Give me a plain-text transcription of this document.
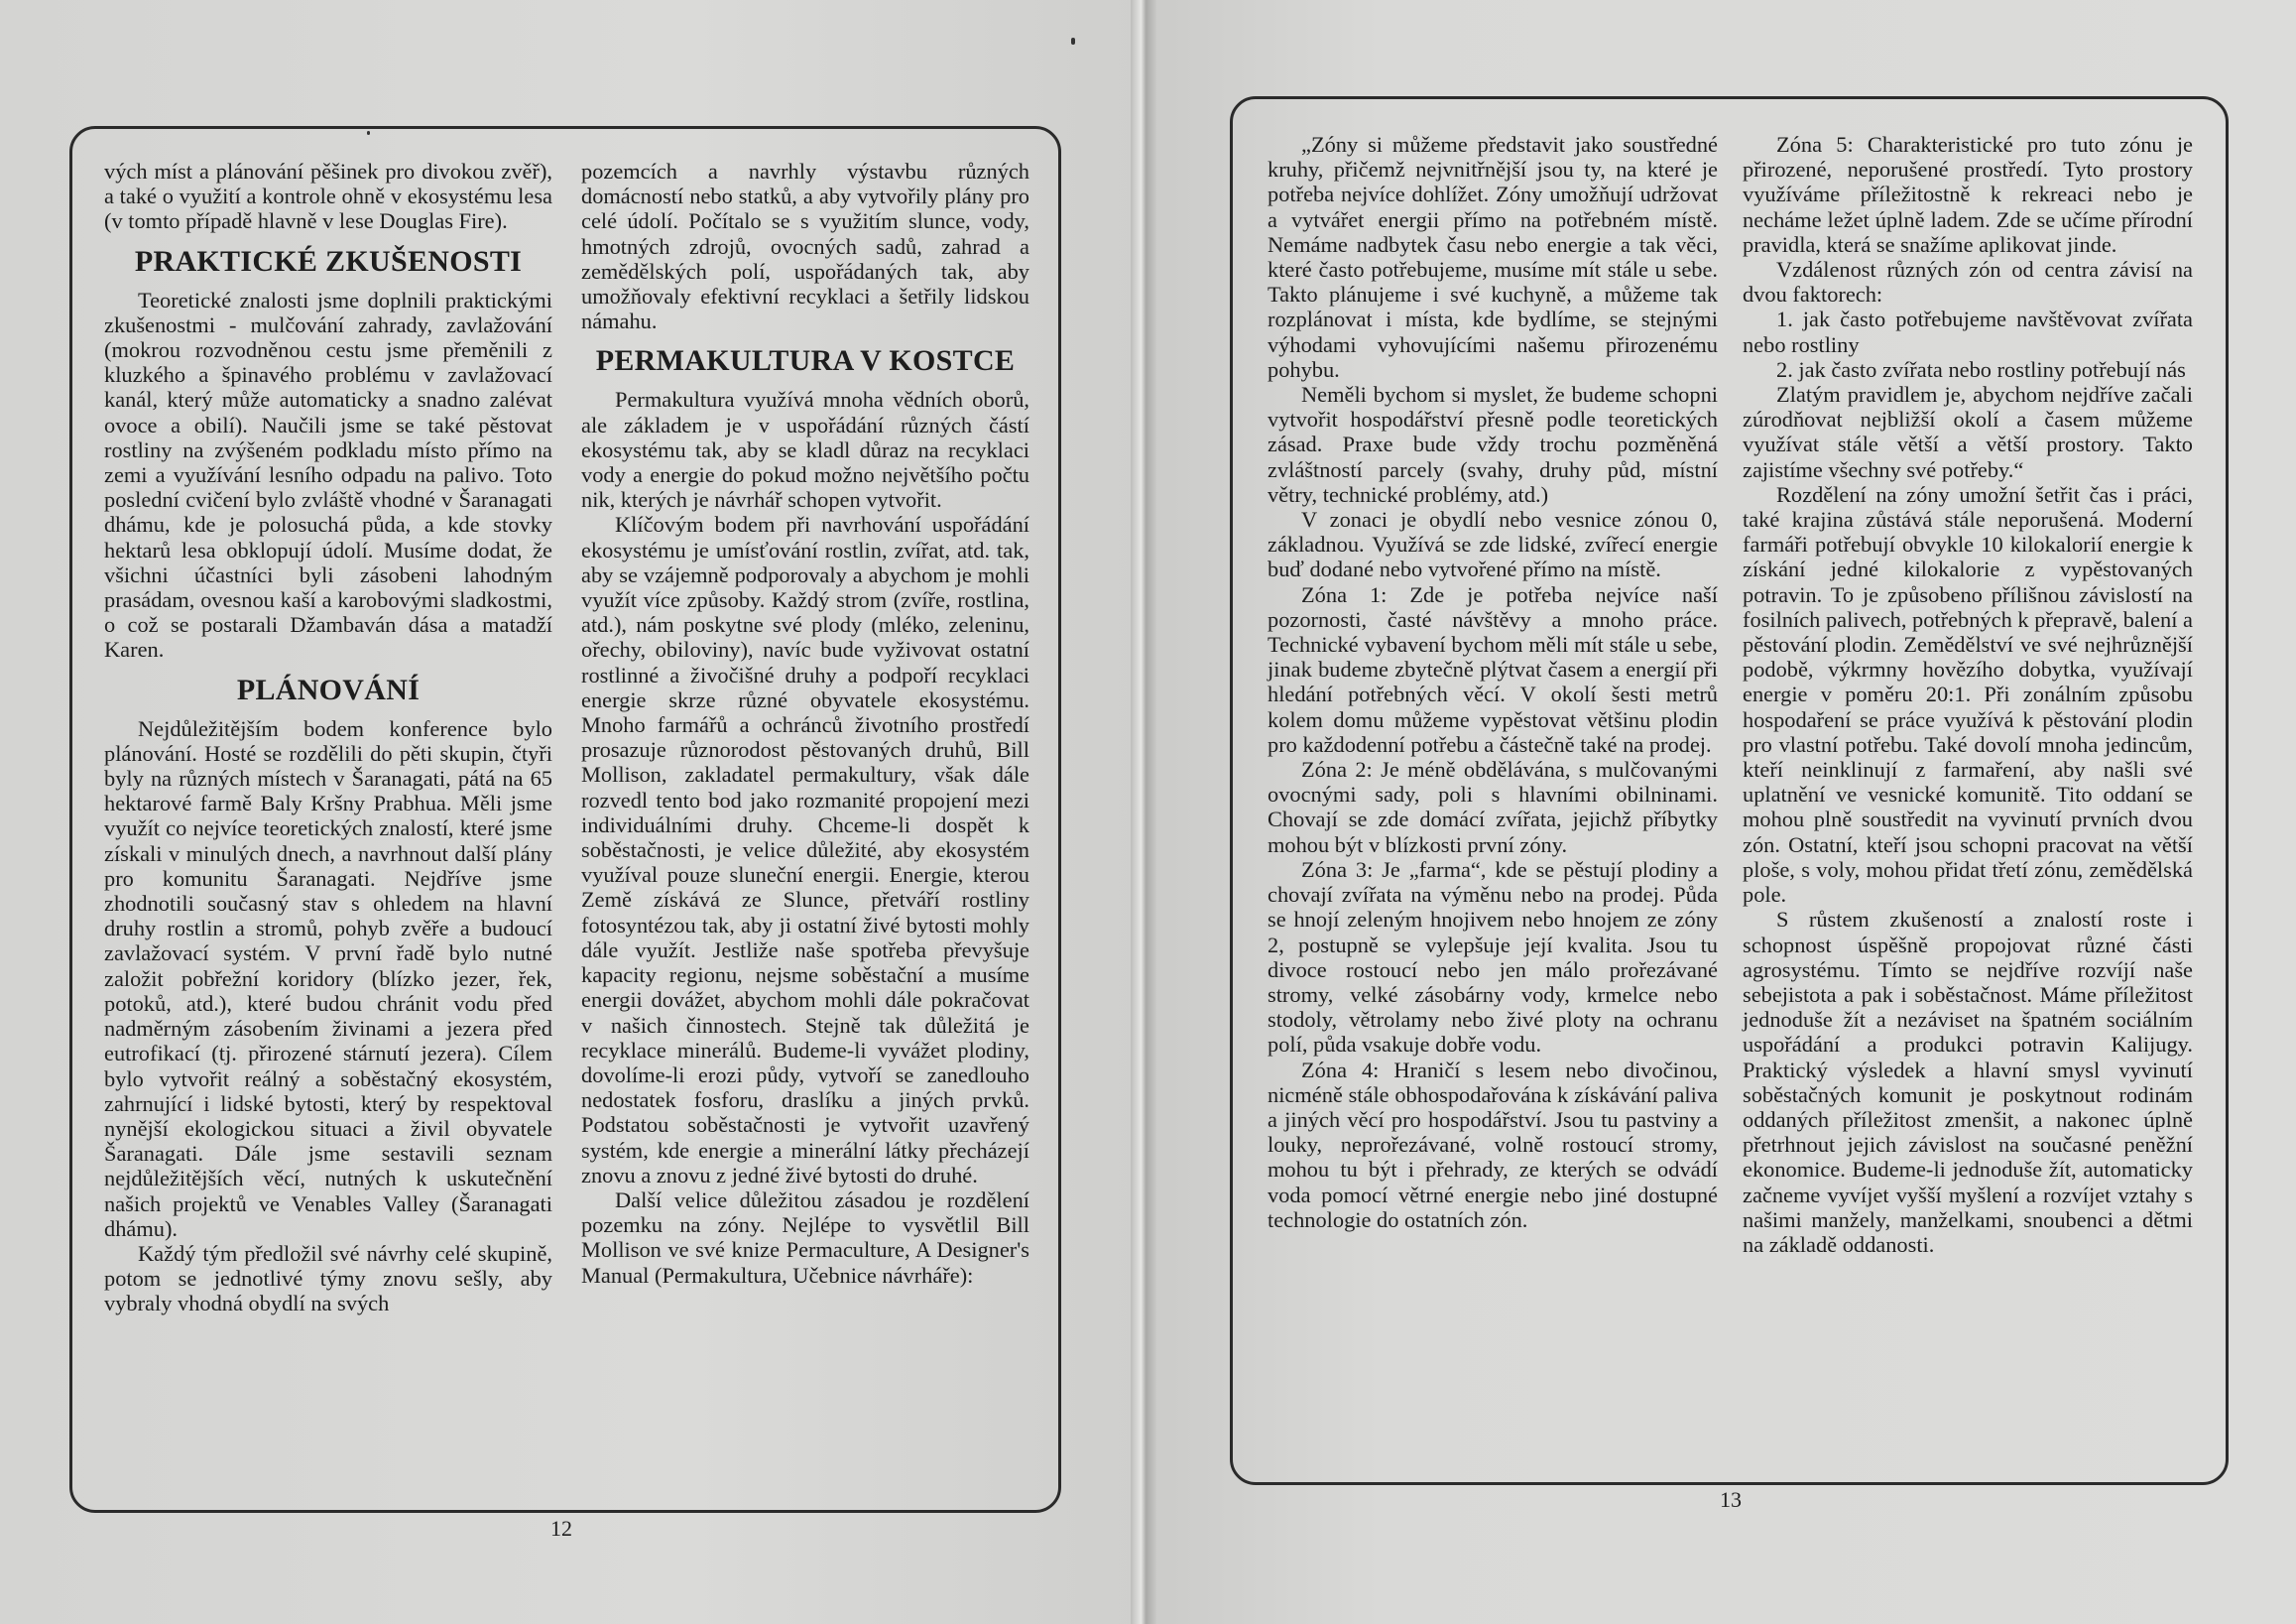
vých míst a plánování pěšinek pro divokou zvěř), a také o využití a kontrole ohně v ekosystému lesa (v tomto případě hlavně v lese Douglas Fire).

PRAKTICKÉ ZKUŠENOSTI

Teoretické znalosti jsme doplnili praktickými zkušenostmi - mulčování zahrady, zavlažování (mokrou rozvodněnou cestu jsme přeměnili z kluzkého a špinavého problému v zavlažovací kanál, který může automaticky a snadno zalévat ovoce a obilí). Naučili jsme se také pěstovat rostliny na zvýšeném podkladu místo přímo na zemi a využívání lesního odpadu na palivo. Toto poslední cvičení bylo zvláště vhodné v Šaranagati dhámu, kde je polosuchá půda, a kde stovky hektarů lesa obklopují údolí. Musíme dodat, že všichni účastníci byli zásobeni lahodným prasádam, ovesnou kaší a karobovými sladkostmi, o což se postarali Džambaván dása a matadží Karen.

PLÁNOVÁNÍ

Nejdůležitějším bodem konference bylo plánování. Hosté se rozdělili do pěti skupin, čtyři byly na různých místech v Šaranagati, pátá na 65 hektarové farmě Baly Kršny Prabhua. Měli jsme využít co nejvíce teoretických znalostí, které jsme získali v minulých dnech, a navrhnout další plány pro komunitu Šaranagati. Nejdříve jsme zhodnotili současný stav s ohledem na hlavní druhy rostlin a stromů, pohyb zvěře a budoucí zavlažovací systém. V první řadě bylo nutné založit pobřežní koridory (blízko jezer, řek, potoků, atd.), které budou chránit vodu před nadměrným zásobením živinami a jezera před eutrofikací (tj. přirozené stárnutí jezera). Cílem bylo vytvořit reálný a soběstačný ekosystém, zahrnující i lidské bytosti, který by respektoval nynější ekologickou situaci a živil obyvatele Šaranagati. Dále jsme sestavili seznam nejdůležitějších věcí, nutných k uskutečnění našich projektů ve Venables Valley (Šaranagati dhámu).

Každý tým předložil své návrhy celé skupině, potom se jednotlivé týmy znovu sešly, aby vybraly vhodná obydlí na svých

pozemcích a navrhly výstavbu různých domácností nebo statků, a aby vytvořily plány pro celé údolí. Počítalo se s využitím slunce, vody, hmotných zdrojů, ovocných sadů, zahrad a zemědělských polí, uspořádaných tak, aby umožňovaly efektivní recyklaci a šetřily lidskou námahu.

PERMAKULTURA V KOSTCE

Permakultura využívá mnoha vědních oborů, ale základem je v uspořádání různých částí ekosystému tak, aby se kladl důraz na recyklaci vody a energie do pokud možno největšího počtu nik, kterých je návrhář schopen vytvořit.

Klíčovým bodem při navrhování uspořádání ekosystému je umísťování rostlin, zvířat, atd. tak, aby se vzájemně podporovaly a abychom je mohli využít více způsoby. Každý strom (zvíře, rostlina, atd.), nám poskytne své plody (mléko, zeleninu, ořechy, obiloviny), navíc bude vyživovat ostatní rostlinné a živočišné druhy a podpoří recyklaci energie skrze různé obyvatele ekosystému. Mnoho farmářů a ochránců životního prostředí prosazuje různorodost pěstovaných druhů, Bill Mollison, zakladatel permakultury, však dále rozvedl tento bod jako rozmanité propojení mezi individuálními druhy. Chceme-li dospět k soběstačnosti, je velice důležité, aby ekosystém využíval pouze sluneční energii. Energie, kterou Země získává ze Slunce, přetváří rostliny fotosyntézou tak, aby ji ostatní živé bytosti mohly dále využít. Jestliže naše spotřeba převyšuje kapacity regionu, nejsme soběstační a musíme energii dovážet, abychom mohli dále pokračovat v našich činnostech. Stejně tak důležitá je recyklace minerálů. Budeme-li vyvážet plodiny, dovolíme-li erozi půdy, vytvoří se zanedlouho nedostatek fosforu, draslíku a jiných prvků. Podstatou soběstačnosti je vytvořit uzavřený systém, kde energie a minerální látky přecházejí znovu a znovu z jedné živé bytosti do druhé.

Další velice důležitou zásadou je rozdělení pozemku na zóny. Nejlépe to vysvětlil Bill Mollison ve své knize Permaculture, A Designer's Manual (Permakultura, Učebnice návrháře):

12

„Zóny si můžeme představit jako soustředné kruhy, přičemž nejvnitřnější jsou ty, na které je potřeba nejvíce dohlížet. Zóny umožňují udržovat a vytvářet energii přímo na potřebném místě. Nemáme nadbytek času nebo energie a tak věci, které často potřebujeme, musíme mít stále u sebe. Takto plánujeme i své kuchyně, a můžeme tak rozplánovat i místa, kde bydlíme, se stejnými výhodami vyhovujícími našemu přirozenému pohybu.

Neměli bychom si myslet, že budeme schopni vytvořit hospodářství přesně podle teoretických zásad. Praxe bude vždy trochu pozměněná zvláštností parcely (svahy, druhy půd, místní větry, technické problémy, atd.)

V zonaci je obydlí nebo vesnice zónou 0, základnou. Využívá se zde lidské, zvířecí energie buď dodané nebo vytvořené přímo na místě.

Zóna 1: Zde je potřeba nejvíce naší pozornosti, časté návštěvy a mnoho práce. Technické vybavení bychom měli mít stále u sebe, jinak budeme zbytečně plýtvat časem a energií při hledání potřebných věcí. V okolí šesti metrů kolem domu můžeme vypěstovat většinu plodin pro každodenní potřebu a částečně také na prodej.

Zóna 2: Je méně obdělávána, s mulčovanými ovocnými sady, poli s hlavními obilninami. Chovají se zde domácí zvířata, jejichž příbytky mohou být v blízkosti první zóny.

Zóna 3: Je „farma“, kde se pěstují plodiny a chovají zvířata na výměnu nebo na prodej. Půda se hnojí zeleným hnojivem nebo hnojem ze zóny 2, postupně se vylepšuje její kvalita. Jsou tu divoce rostoucí nebo jen málo prořezávané stromy, velké zásobárny vody, krmelce nebo stodoly, větrolamy nebo živé ploty na ochranu polí, půda vsakuje dobře vodu.

Zóna 4: Hraničí s lesem nebo divočinou, nicméně stále obhospodařována k získávání paliva a jiných věcí pro hospodářství. Jsou tu pastviny a louky, neprořezávané, volně rostoucí stromy, mohou tu být i přehrady, ze kterých se odvádí voda pomocí větrné energie nebo jiné dostupné technologie do ostatních zón.

Zóna 5: Charakteristické pro tuto zónu je přirozené, neporušené prostředí. Tyto prostory využíváme příležitostně k rekreaci nebo je necháme ležet úplně ladem. Zde se učíme přírodní pravidla, která se snažíme aplikovat jinde.

Vzdálenost různých zón od centra závisí na dvou faktorech:

1. jak často potřebujeme navštěvovat zvířata nebo rostliny

2. jak často zvířata nebo rostliny potřebují nás

Zlatým pravidlem je, abychom nejdříve začali zúrodňovat nejbližší okolí a časem můžeme využívat stále větší a větší prostory. Takto zajistíme všechny své potřeby.“

Rozdělení na zóny umožní šetřit čas i práci, také krajina zůstává stále neporušená. Moderní farmáři potřebují obvykle 10 kilokalorií energie k získání jedné kilokalorie z vypěstovaných potravin. To je způsobeno přílišnou závislostí na fosilních palivech, potřebných k přepravě, balení a pěstování plodin. Zemědělství ve své nejhrůznější podobě, výkrmny hovězího dobytka, využívají energie v poměru 20:1. Při zonálním způsobu hospodaření se práce využívá k pěstování plodin pro vlastní potřebu. Také dovolí mnoha jedincům, kteří neinklinují z farmaření, aby našli své uplatnění ve vesnické komunitě. Tito oddaní se mohou plně soustředit na vyvinutí prvních dvou zón. Ostatní, kteří jsou schopni pracovat na větší ploše, s voly, mohou přidat třetí zónu, zemědělská pole.

S růstem zkušeností a znalostí roste i schopnost úspěšně propojovat různé části agrosystému. Tímto se nejdříve rozvíjí naše sebejistota a pak i soběstačnost. Máme příležitost jednoduše žít a nezáviset na špatném sociálním uspořádání a produkci potravin Kalijugy. Praktický výsledek a hlavní smysl vyvinutí soběstačných komunit je poskytnout rodinám oddaných příležitost zmenšit, a nakonec úplně přetrhnout jejich závislost na současné peněžní ekonomice. Budeme-li jednoduše žít, automaticky začneme vyvíjet vyšší myšlení a rozvíjet vztahy s našimi manžely, manželkami, snoubenci a dětmi na základě oddanosti.

13
